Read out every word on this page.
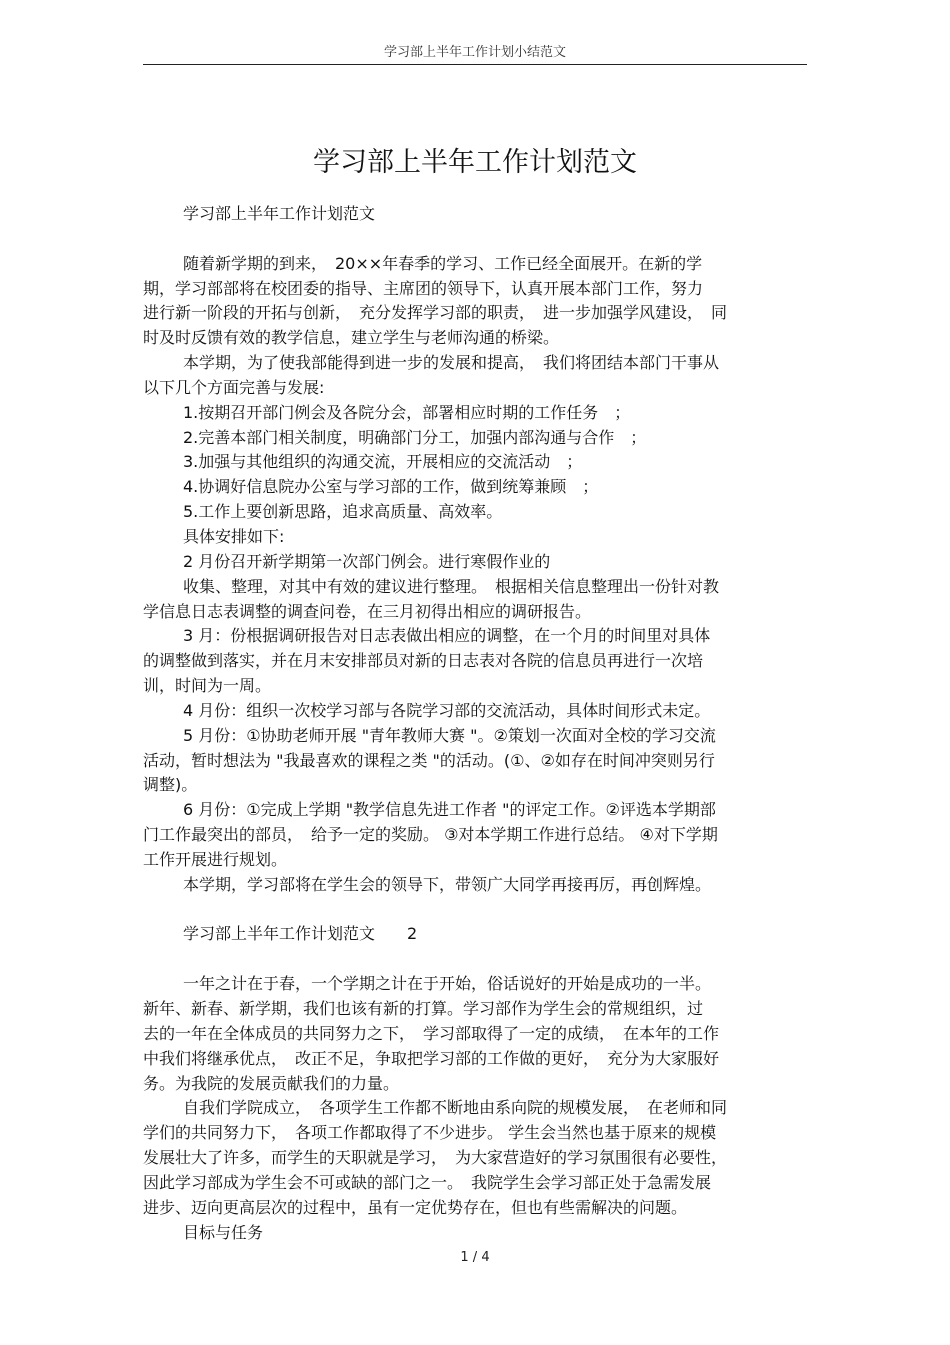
学习部上半年工作计划小结范文
学习部上半年工作计划范文
学习部上半年工作计划范文
随着新学期的到来，　20××年春季的学习、工作已经全面展开。在新的学
期，学习部部将在校团委的指导、主席团的领导下，认真开展本部门工作，努力
进行新一阶段的开拓与创新，　充分发挥学习部的职责，　进一步加强学风建设，　同
时及时反馈有效的教学信息，建立学生与老师沟通的桥梁。
本学期，为了使我部能得到进一步的发展和提高，　我们将团结本部门干事从
以下几个方面完善与发展:
1.按期召开部门例会及各院分会，部署相应时期的工作任务　；
2.完善本部门相关制度，明确部门分工，加强内部沟通与合作　；
3.加强与其他组织的沟通交流，开展相应的交流活动　；
4.协调好信息院办公室与学习部的工作，做到统筹兼顾　；
5.工作上要创新思路，追求高质量、高效率。
具体安排如下:
2 月份召开新学期第一次部门例会。进行寒假作业的
收集、整理，对其中有效的建议进行整理。　根据相关信息整理出一份针对教
学信息日志表调整的调查问卷，在三月初得出相应的调研报告。
3 月：份根据调研报告对日志表做出相应的调整，在一个月的时间里对具体
的调整做到落实，并在月末安排部员对新的日志表对各院的信息员再进行一次培
训，时间为一周。
4 月份：组织一次校学习部与各院学习部的交流活动，具体时间形式未定。
5 月份：①协助老师开展 "青年教师大赛 "。②策划一次面对全校的学习交流
活动，暂时想法为 "我最喜欢的课程之类 "的活动。(①、②如存在时间冲突则另行
调整)。
6 月份：①完成上学期 "教学信息先进工作者 "的评定工作。②评选本学期部
门工作最突出的部员，　给予一定的奖励。 ③对本学期工作进行总结。 ④对下学期
工作开展进行规划。
本学期，学习部将在学生会的领导下，带领广大同学再接再厉，再创辉煌。
学习部上半年工作计划范文　　2
一年之计在于春，一个学期之计在于开始，俗话说好的开始是成功的一半。
新年、新春、新学期，我们也该有新的打算。学习部作为学生会的常规组织，过
去的一年在全体成员的共同努力之下，　学习部取得了一定的成绩，　在本年的工作
中我们将继承优点，　改正不足，争取把学习部的工作做的更好，　充分为大家服好
务。为我院的发展贡献我们的力量。
自我们学院成立，　各项学生工作都不断地由系向院的规模发展，　在老师和同
学们的共同努力下，　各项工作都取得了不少进步。 学生会当然也基于原来的规模
发展壮大了许多，而学生的天职就是学习，　为大家营造好的学习氛围很有必要性，
因此学习部成为学生会不可或缺的部门之一。　我院学生会学习部正处于急需发展
进步、迈向更高层次的过程中，虽有一定优势存在，但也有些需解决的问题。
目标与任务
1 / 4
